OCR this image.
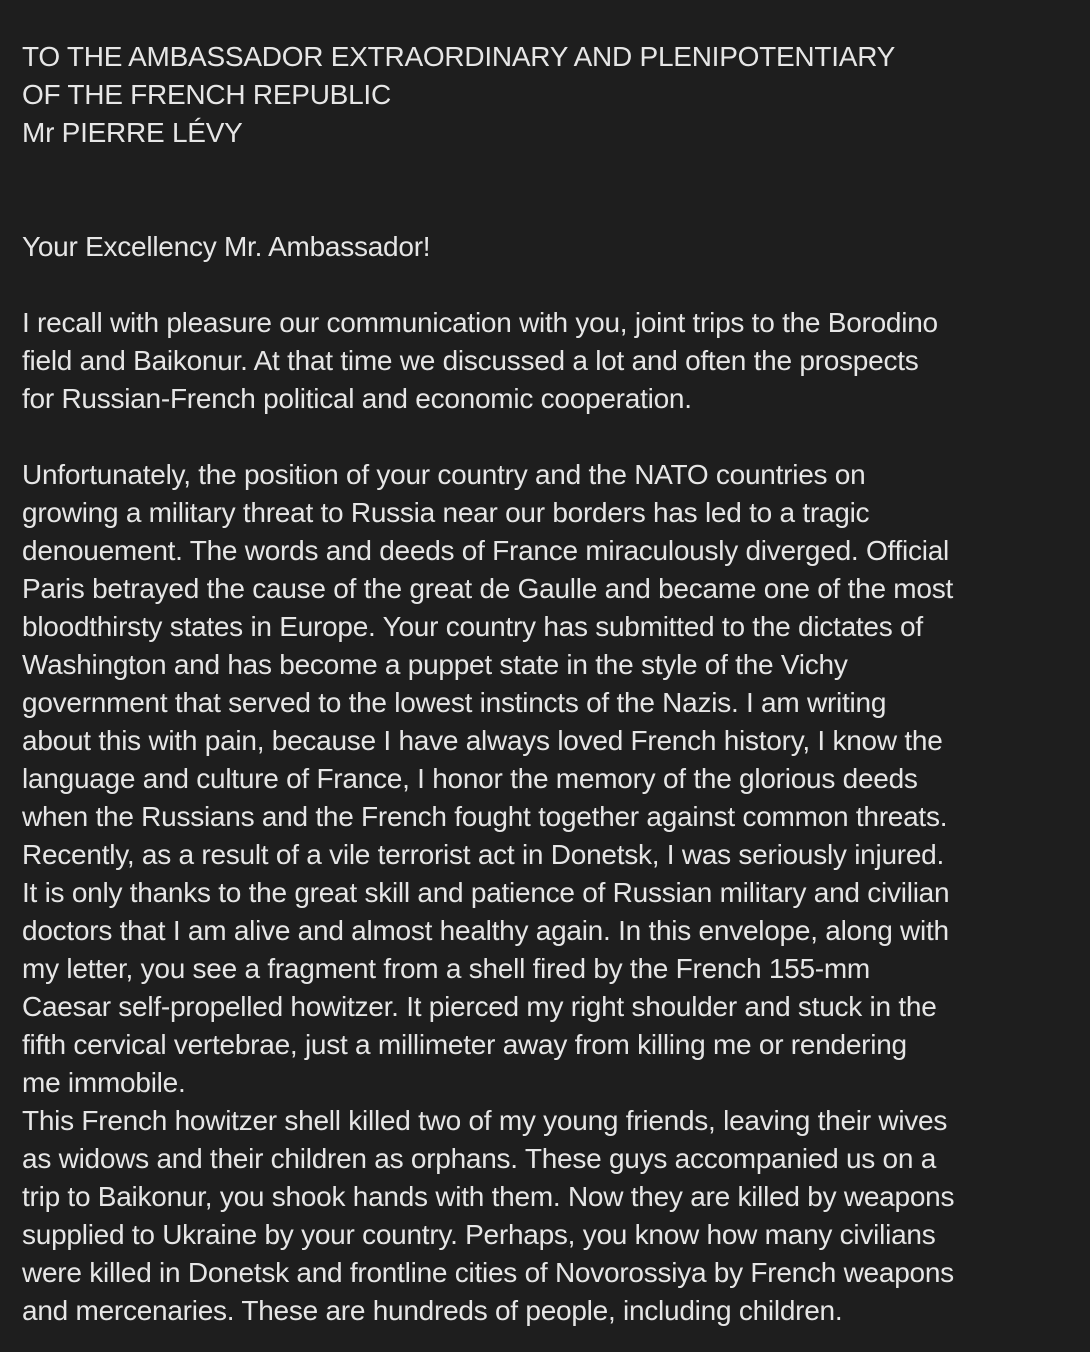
TO THE AMBASSADOR EXTRAORDINARY AND PLENIPOTENTIARY
OF THE FRENCH REPUBLIC
Mr PIERRE LÉVY
Your Excellency Mr. Ambassador!
I recall with pleasure our communication with you, joint trips to the Borodino
field and Baikonur. At that time we discussed a lot and often the prospects
for Russian-French political and economic cooperation.
Unfortunately, the position of your country and the NATO countries on
growing a military threat to Russia near our borders has led to a tragic
denouement. The words and deeds of France miraculously diverged. Official
Paris betrayed the cause of the great de Gaulle and became one of the most
bloodthirsty states in Europe. Your country has submitted to the dictates of
Washington and has become a puppet state in the style of the Vichy
government that served to the lowest instincts of the Nazis. I am writing
about this with pain, because I have always loved French history, I know the
language and culture of France, I honor the memory of the glorious deeds
when the Russians and the French fought together against common threats.
Recently, as a result of a vile terrorist act in Donetsk, I was seriously injured.
It is only thanks to the great skill and patience of Russian military and civilian
doctors that I am alive and almost healthy again. In this envelope, along with
my letter, you see a fragment from a shell fired by the French 155-mm
Caesar self-propelled howitzer. It pierced my right shoulder and stuck in the
fifth cervical vertebrae, just a millimeter away from killing me or rendering
me immobile.
This French howitzer shell killed two of my young friends, leaving their wives
as widows and their children as orphans. These guys accompanied us on a
trip to Baikonur, you shook hands with them. Now they are killed by weapons
supplied to Ukraine by your country. Perhaps, you know how many civilians
were killed in Donetsk and frontline cities of Novorossiya by French weapons
and mercenaries. These are hundreds of people, including children.
